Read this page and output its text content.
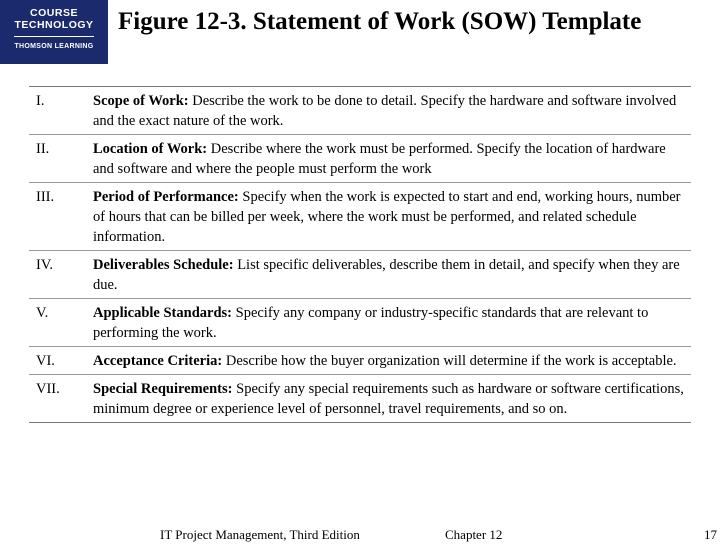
COURSE
TECHNOLOGY
THOMSON LEARNING
Figure 12-3. Statement of Work (SOW) Template
I.	Scope of Work: Describe the work to be done to detail. Specify the hardware and software involved and the exact nature of the work.
II.	Location of Work: Describe where the work must be performed. Specify the location of hardware and software and where the people must perform the work
III.	Period of Performance: Specify when the work is expected to start and end, working hours, number of hours that can be billed per week, where the work must be performed, and related schedule information.
IV.	Deliverables Schedule: List specific deliverables, describe them in detail, and specify when they are due.
V.	Applicable Standards: Specify any company or industry-specific standards that are relevant to performing the work.
VI.	Acceptance Criteria: Describe how the buyer organization will determine if the work is acceptable.
VII.	Special Requirements: Specify any special requirements such as hardware or software certifications, minimum degree or experience level of personnel, travel requirements, and so on.
IT Project Management, Third Edition	Chapter 12	17
